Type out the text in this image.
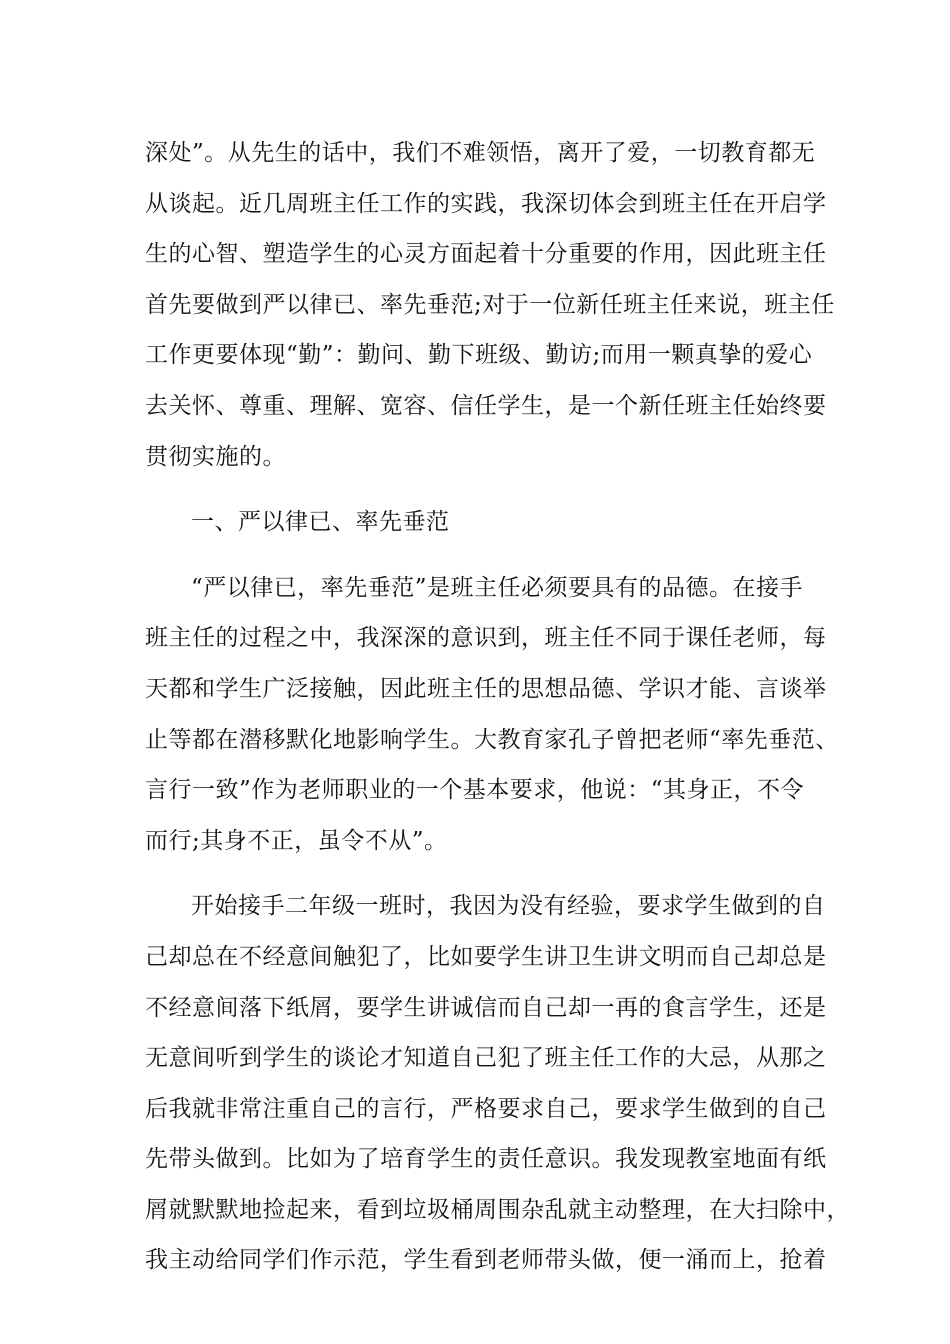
深处”。从先生的话中，我们不难领悟，离开了爱，一切教育都无
从谈起。近几周班主任工作的实践，我深切体会到班主任在开启学
生的心智、塑造学生的心灵方面起着十分重要的作用，因此班主任
首先要做到严以律已、率先垂范;对于一位新任班主任来说，班主任
工作更要体现“勤”：勤问、勤下班级、勤访;而用一颗真挚的爱心
去关怀、尊重、理解、宽容、信任学生，是一个新任班主任始终要
贯彻实施的。
一、严以律已、率先垂范
“严以律已，率先垂范”是班主任必须要具有的品德。在接手
班主任的过程之中，我深深的意识到，班主任不同于课任老师，每
天都和学生广泛接触，因此班主任的思想品德、学识才能、言谈举
止等都在潜移默化地影响学生。大教育家孔子曾把老师“率先垂范、
言行一致”作为老师职业的一个基本要求，他说：“其身正，不令
而行;其身不正，虽令不从”。
开始接手二年级一班时，我因为没有经验，要求学生做到的自
己却总在不经意间触犯了，比如要学生讲卫生讲文明而自己却总是
不经意间落下纸屑，要学生讲诚信而自己却一再的食言学生，还是
无意间听到学生的谈论才知道自己犯了班主任工作的大忌，从那之
后我就非常注重自己的言行，严格要求自己，要求学生做到的自己
先带头做到。比如为了培育学生的责任意识。我发现教室地面有纸
屑就默默地捡起来，看到垃圾桶周围杂乱就主动整理，在大扫除中，
我主动给同学们作示范，学生看到老师带头做，便一涌而上，抢着
